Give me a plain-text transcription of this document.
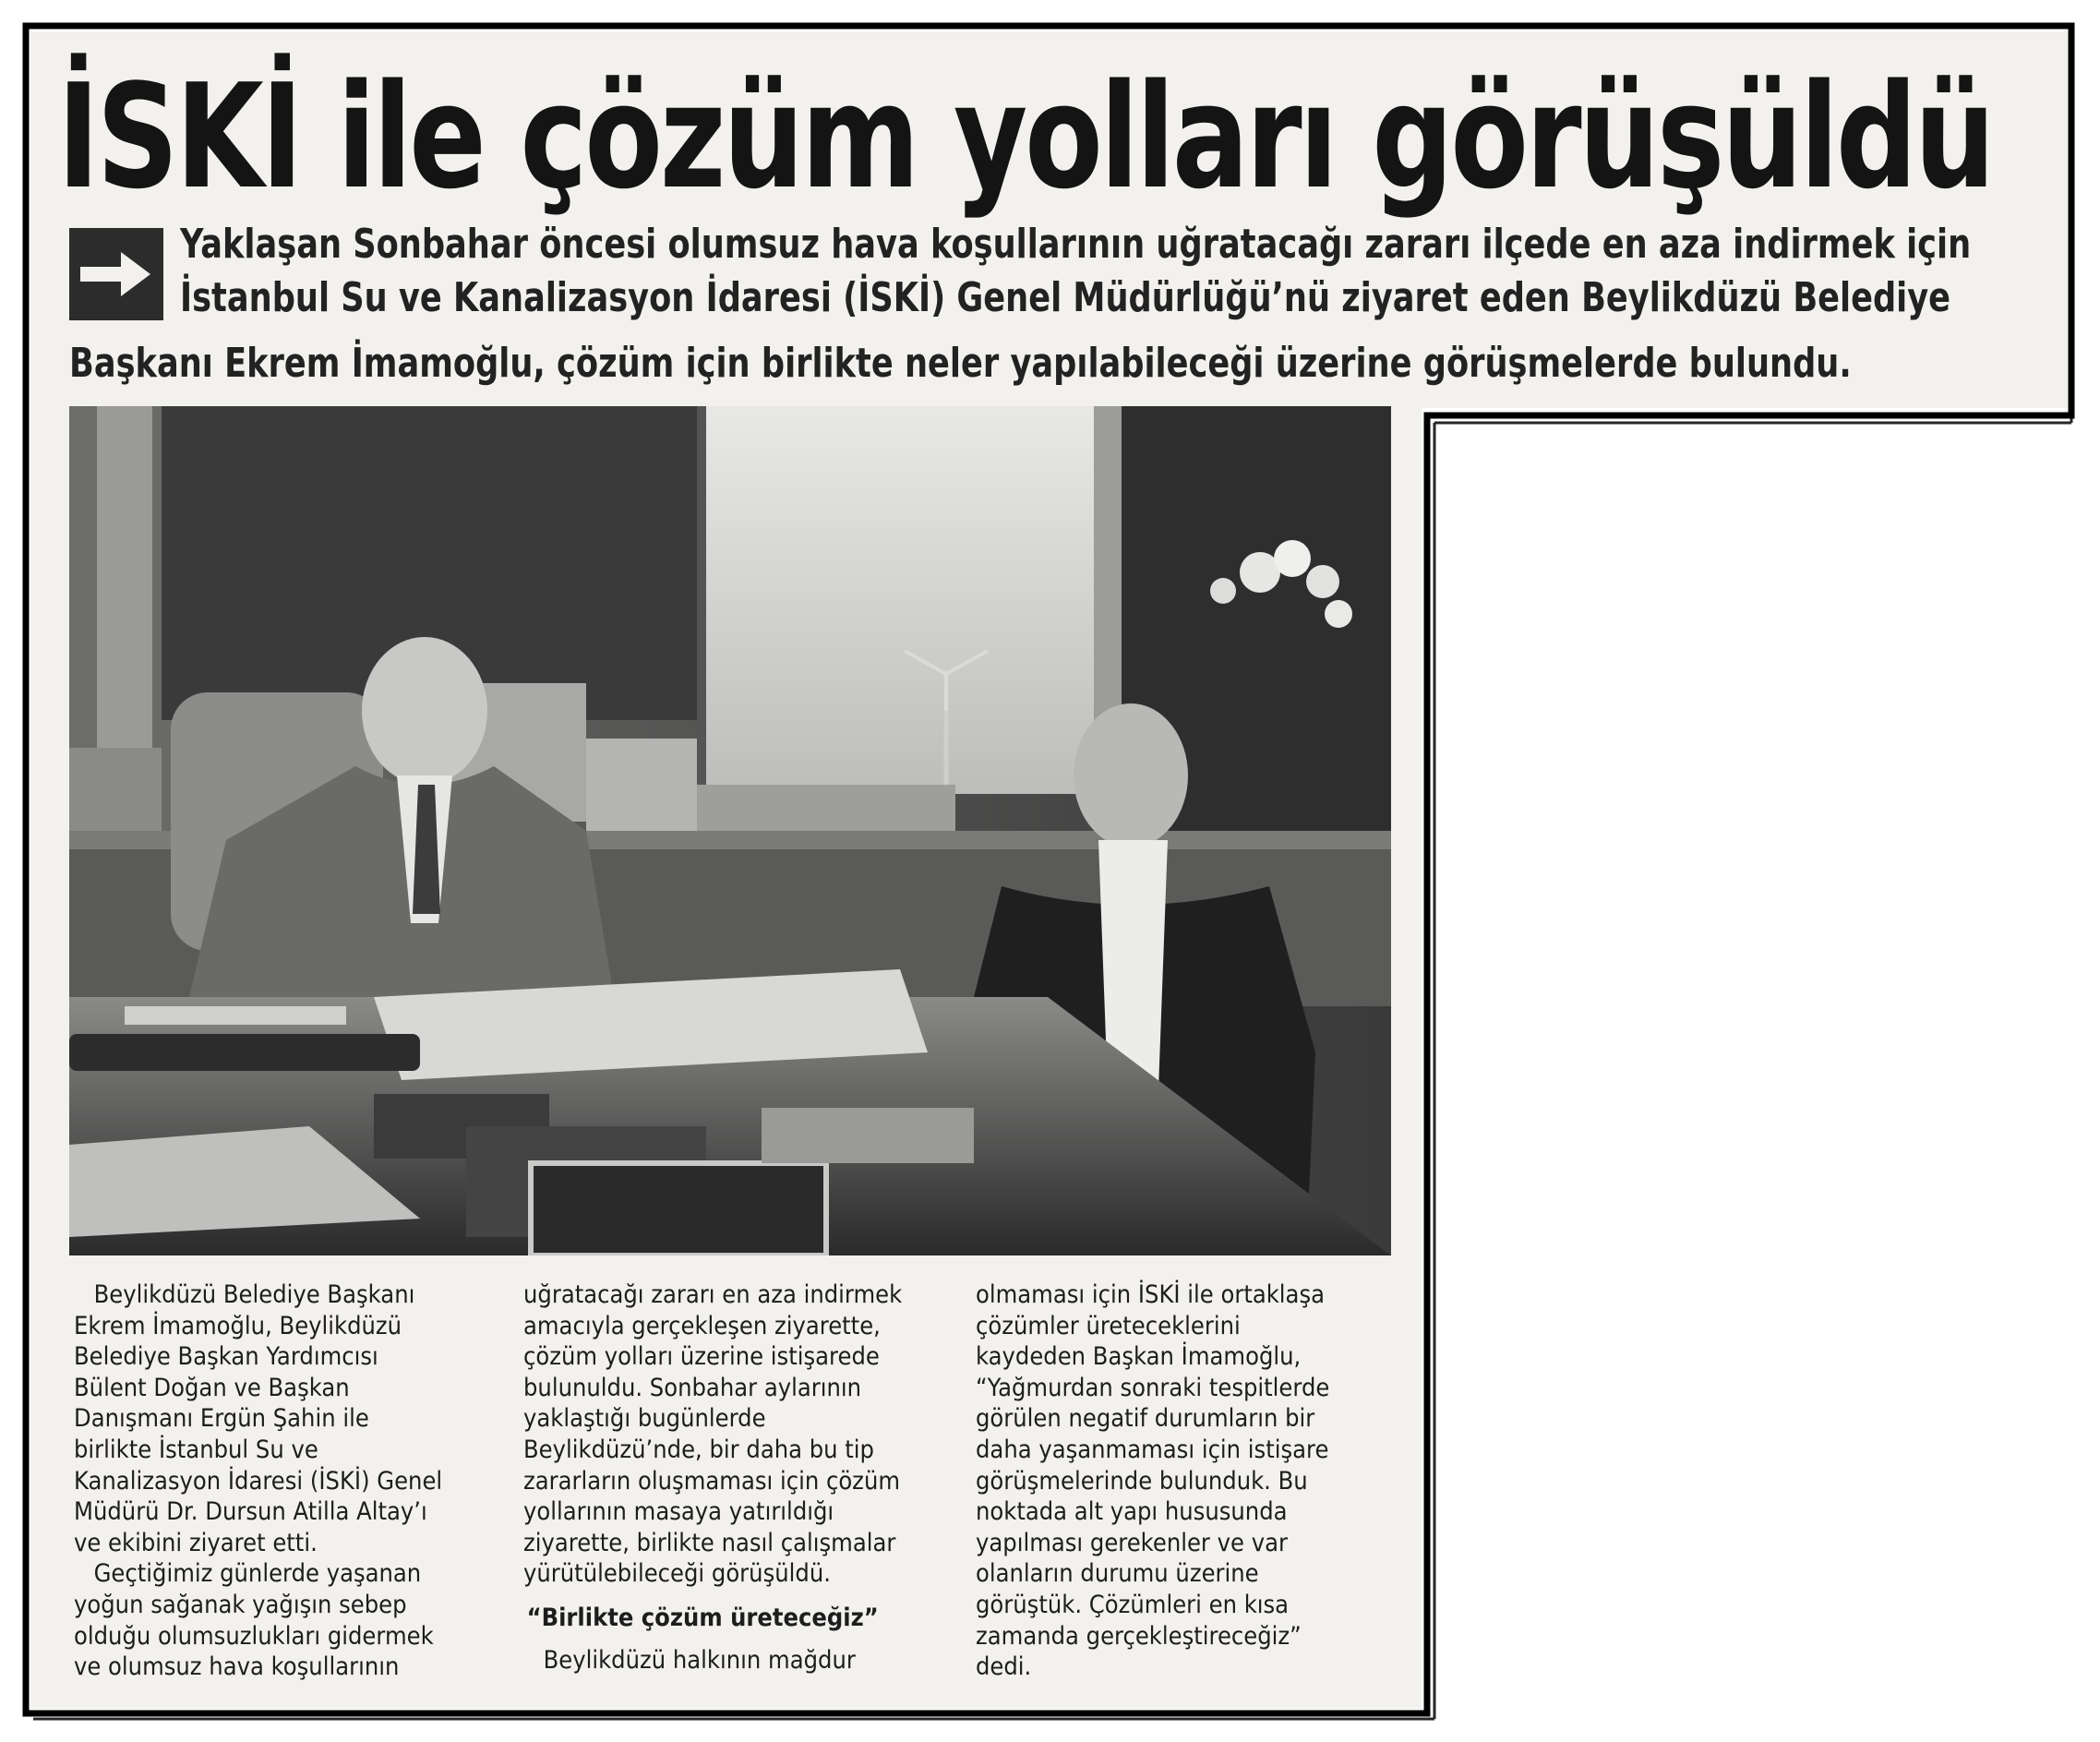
İSKİ ile çözüm yolları görüşüldü

Yaklaşan Sonbahar öncesi olumsuz hava koşullarının uğratacağı zararı ilçede en aza indirmek için

İstanbul Su ve Kanalizasyon İdaresi (İSKİ) Genel Müdürlüğü’nü ziyaret eden Beylikdüzü Belediye

Başkanı Ekrem İmamoğlu, çözüm için birlikte neler yapılabileceği üzerine görüşmelerde bulundu.

Beylikdüzü Belediye Başkanı

Ekrem İmamoğlu, Beylikdüzü

Belediye Başkan Yardımcısı

Bülent Doğan ve Başkan

Danışmanı Ergün Şahin ile

birlikte İstanbul Su ve

Kanalizasyon İdaresi (İSKİ) Genel

Müdürü Dr. Dursun Atilla Altay’ı

ve ekibini ziyaret etti.

Geçtiğimiz günlerde yaşanan

yoğun sağanak yağışın sebep

olduğu olumsuzlukları gidermek

ve olumsuz hava koşullarının

uğratacağı zararı en aza indirmek

amacıyla gerçekleşen ziyarette,

çözüm yolları üzerine istişarede

bulunuldu. Sonbahar aylarının

yaklaştığı bugünlerde

Beylikdüzü’nde, bir daha bu tip

zararların oluşmaması için çözüm

yollarının masaya yatırıldığı

ziyarette, birlikte nasıl çalışmalar

yürütülebileceği görüşüldü.

“Birlikte çözüm üreteceğiz”

Beylikdüzü halkının mağdur

olmaması için İSKİ ile ortaklaşa

çözümler üreteceklerini

kaydeden Başkan İmamoğlu,

“Yağmurdan sonraki tespitlerde

görülen negatif durumların bir

daha yaşanmaması için istişare

görüşmelerinde bulunduk. Bu

noktada alt yapı hususunda

yapılması gerekenler ve var

olanların durumu üzerine

görüştük. Çözümleri en kısa

zamanda gerçekleştireceğiz”

dedi.
